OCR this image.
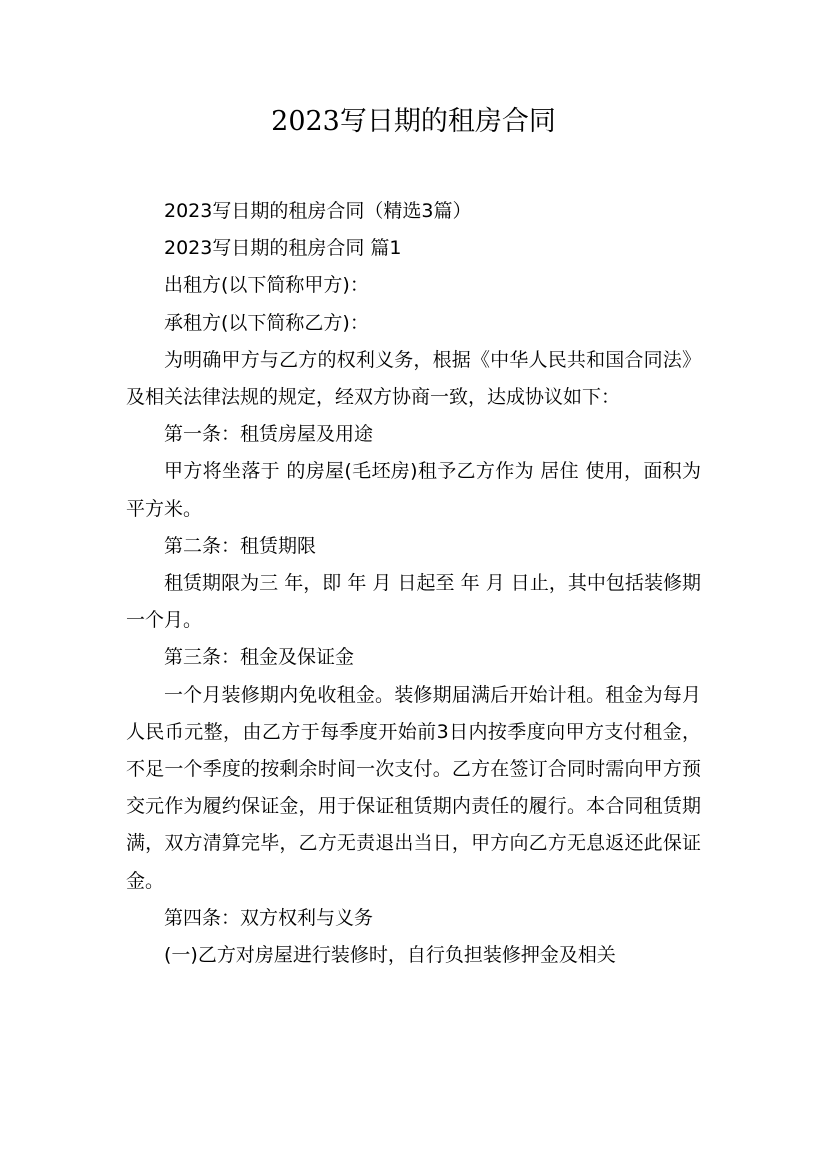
2023写日期的租房合同

2023写日期的租房合同（精选3篇）

2023写日期的租房合同 篇1

出租方(以下简称甲方)：

承租方(以下简称乙方)：

为明确甲方与乙方的权利义务，根据《中华人民共和国合同法》及相关法律法规的规定，经双方协商一致，达成协议如下：

第一条：租赁房屋及用途

甲方将坐落于 的房屋(毛坯房)租予乙方作为 居住 使用，面积为 平方米。

第二条：租赁期限

租赁期限为三 年，即 年 月 日起至 年 月 日止，其中包括装修期一个月。

第三条：租金及保证金

一个月装修期内免收租金。装修期届满后开始计租。租金为每月人民币元整，由乙方于每季度开始前3日内按季度向甲方支付租金，不足一个季度的按剩余时间一次支付。乙方在签订合同时需向甲方预交元作为履约保证金，用于保证租赁期内责任的履行。本合同租赁期满，双方清算完毕，乙方无责退出当日，甲方向乙方无息返还此保证金。

第四条：双方权利与义务

(一)乙方对房屋进行装修时，自行负担装修押金及相关
